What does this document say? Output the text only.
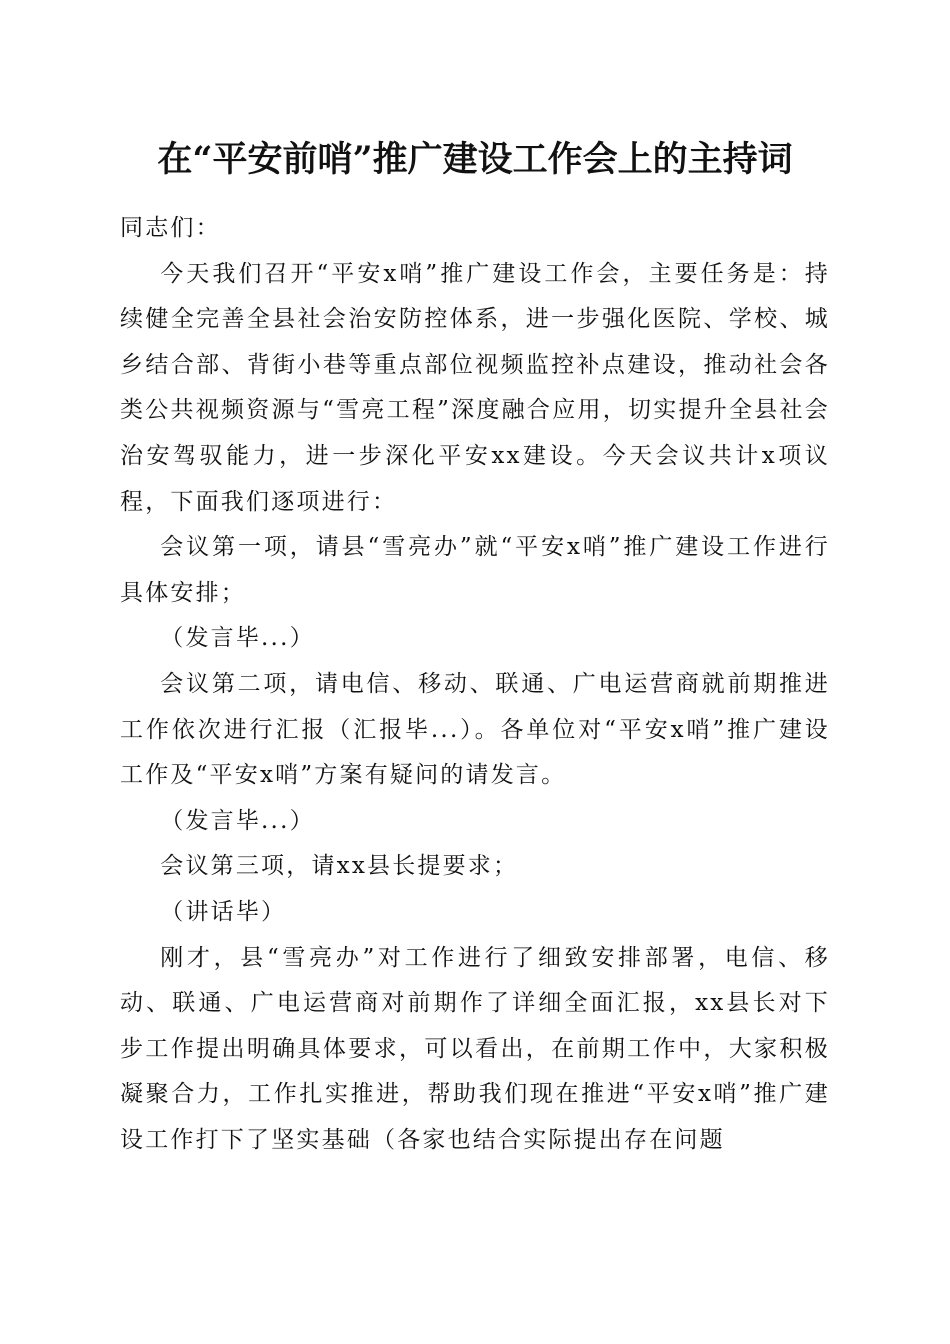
在“平安前哨”推广建设工作会上的主持词

同志们：

今天我们召开“平安x哨”推广建设工作会，主要任务是：持续健全完善全县社会治安防控体系，进一步强化医院、学校、城乡结合部、背街小巷等重点部位视频监控补点建设，推动社会各类公共视频资源与“雪亮工程”深度融合应用，切实提升全县社会治安驾驭能力，进一步深化平安xx建设。今天会议共计x项议程，下面我们逐项进行：

会议第一项，请县“雪亮办”就“平安x哨”推广建设工作进行具体安排；

（发言毕...）

会议第二项，请电信、移动、联通、广电运营商就前期推进工作依次进行汇报（汇报毕...）。各单位对“平安x哨”推广建设工作及“平安x哨”方案有疑问的请发言。

（发言毕...）

会议第三项，请xx县长提要求；

（讲话毕）

刚才，县“雪亮办”对工作进行了细致安排部署，电信、移动、联通、广电运营商对前期作了详细全面汇报，xx县长对下步工作提出明确具体要求，可以看出，在前期工作中，大家积极凝聚合力，工作扎实推进，帮助我们现在推进“平安x哨”推广建设工作打下了坚实基础（各家也结合实际提出存在问题
